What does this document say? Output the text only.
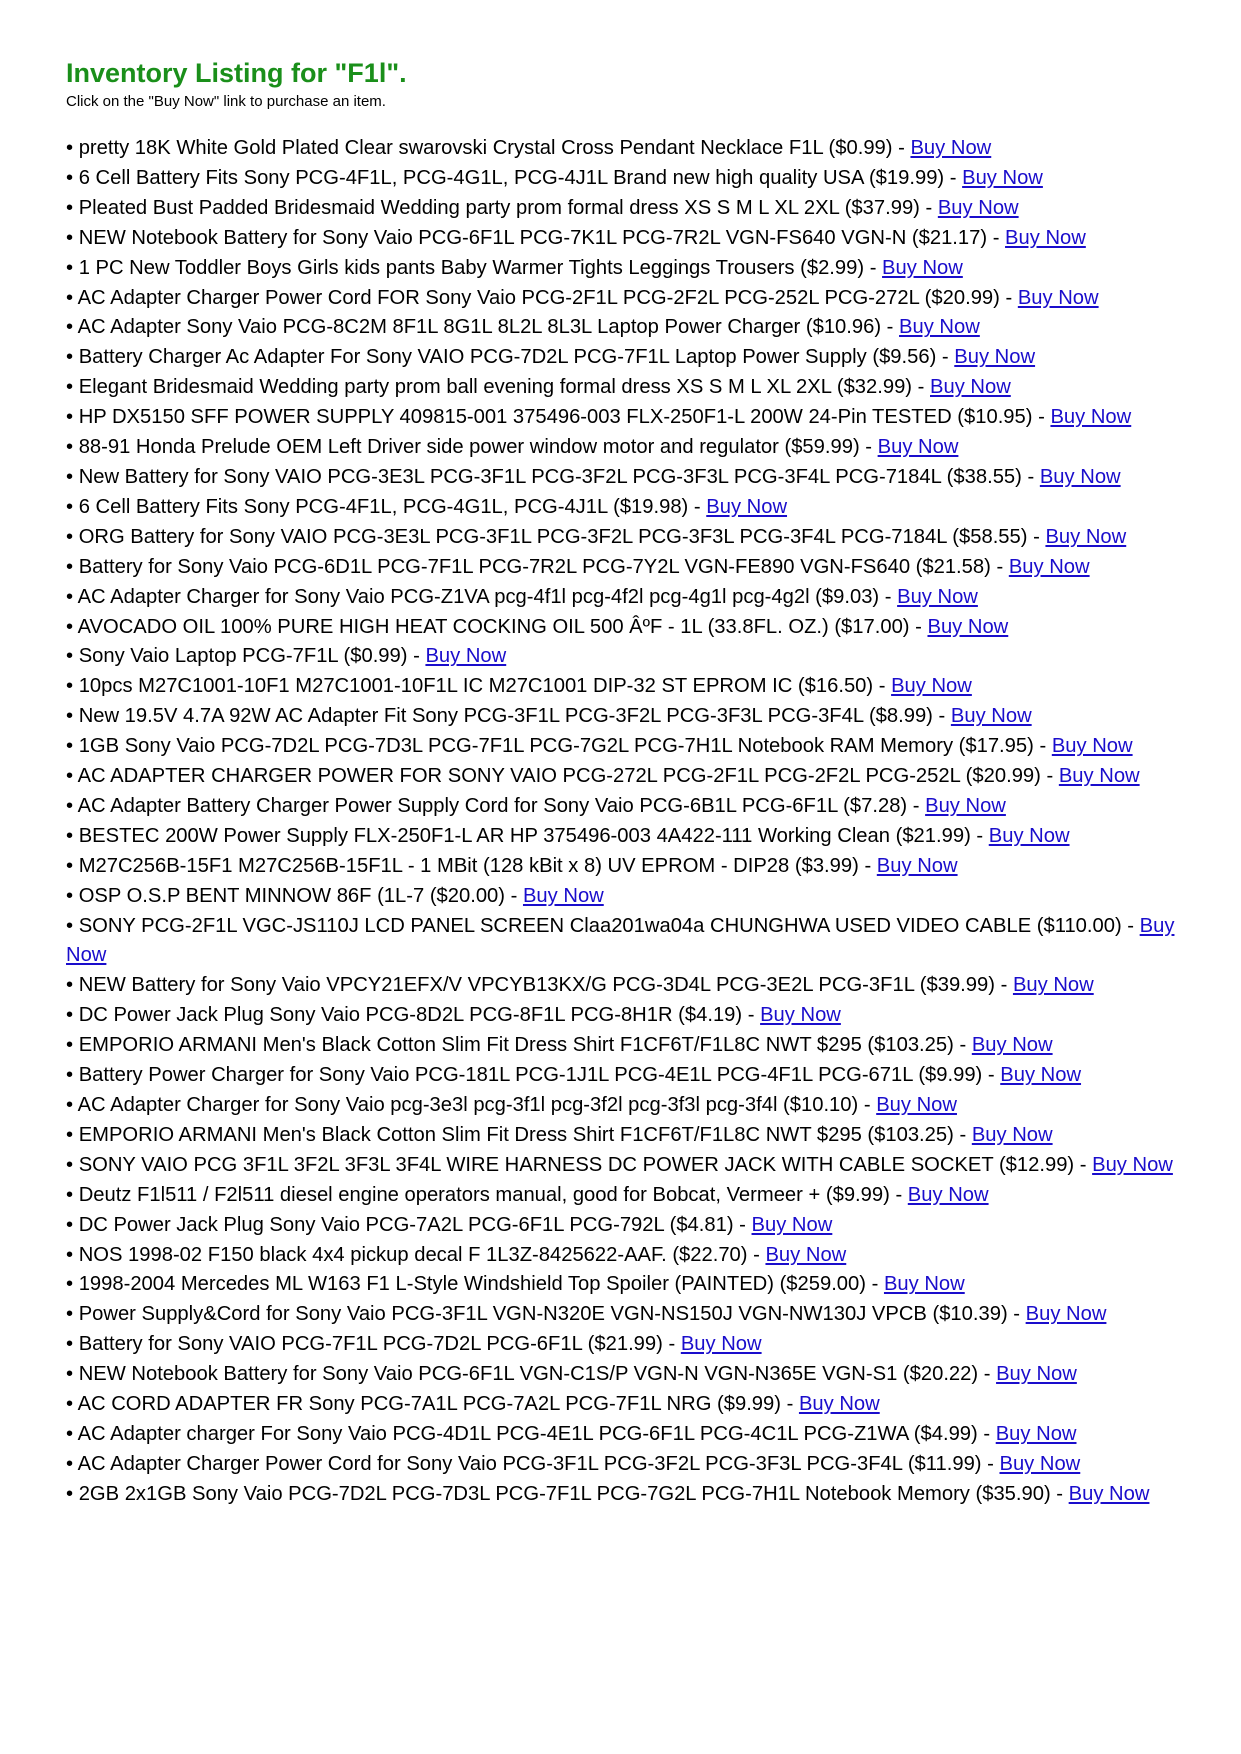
Inventory Listing for "F1l".

Click on the "Buy Now" link to purchase an item.

• pretty 18K White Gold Plated Clear swarovski Crystal Cross Pendant Necklace F1L ($0.99) - Buy Now
• 6 Cell Battery Fits Sony PCG-4F1L, PCG-4G1L, PCG-4J1L Brand new high quality USA ($19.99) - Buy Now
• Pleated Bust Padded Bridesmaid Wedding party prom formal dress XS S M L XL 2XL ($37.99) - Buy Now
• NEW Notebook Battery for Sony Vaio PCG-6F1L PCG-7K1L PCG-7R2L VGN-FS640 VGN-N ($21.17) - Buy Now
• 1 PC New Toddler Boys Girls kids pants Baby Warmer Tights Leggings Trousers ($2.99) - Buy Now
• AC Adapter Charger Power Cord FOR Sony Vaio PCG-2F1L PCG-2F2L PCG-252L PCG-272L ($20.99) - Buy Now
• AC Adapter Sony Vaio PCG-8C2M 8F1L 8G1L 8L2L 8L3L Laptop Power Charger ($10.96) - Buy Now
• Battery Charger Ac Adapter For Sony VAIO PCG-7D2L PCG-7F1L Laptop Power Supply ($9.56) - Buy Now
• Elegant Bridesmaid Wedding party prom ball evening formal dress XS S M L XL 2XL ($32.99) - Buy Now
• HP DX5150 SFF POWER SUPPLY 409815-001 375496-003 FLX-250F1-L 200W 24-Pin TESTED ($10.95) - Buy Now
• 88-91 Honda Prelude OEM Left Driver side power window motor and regulator ($59.99) - Buy Now
• New Battery for Sony VAIO PCG-3E3L PCG-3F1L PCG-3F2L PCG-3F3L PCG-3F4L PCG-7184L ($38.55) - Buy Now
• 6 Cell Battery Fits Sony PCG-4F1L, PCG-4G1L, PCG-4J1L ($19.98) - Buy Now
• ORG Battery for Sony VAIO PCG-3E3L PCG-3F1L PCG-3F2L PCG-3F3L PCG-3F4L PCG-7184L ($58.55) - Buy Now
• Battery for Sony Vaio PCG-6D1L PCG-7F1L PCG-7R2L PCG-7Y2L VGN-FE890 VGN-FS640 ($21.58) - Buy Now
• AC Adapter Charger for Sony Vaio PCG-Z1VA pcg-4f1l pcg-4f2l pcg-4g1l pcg-4g2l ($9.03) - Buy Now
• AVOCADO OIL 100% PURE HIGH HEAT COCKING OIL 500 ÂºF - 1L (33.8FL. OZ.) ($17.00) - Buy Now
• Sony Vaio Laptop PCG-7F1L ($0.99) - Buy Now
• 10pcs M27C1001-10F1 M27C1001-10F1L IC M27C1001 DIP-32 ST EPROM IC ($16.50) - Buy Now
• New 19.5V 4.7A 92W AC Adapter Fit Sony PCG-3F1L PCG-3F2L PCG-3F3L PCG-3F4L ($8.99) - Buy Now
• 1GB Sony Vaio PCG-7D2L PCG-7D3L PCG-7F1L PCG-7G2L PCG-7H1L Notebook RAM Memory ($17.95) - Buy Now
• AC ADAPTER CHARGER POWER FOR SONY VAIO PCG-272L PCG-2F1L PCG-2F2L PCG-252L ($20.99) - Buy Now
• AC Adapter Battery Charger Power Supply Cord for Sony Vaio PCG-6B1L PCG-6F1L ($7.28) - Buy Now
• BESTEC 200W Power Supply FLX-250F1-L AR HP 375496-003 4A422-111 Working Clean ($21.99) - Buy Now
• M27C256B-15F1 M27C256B-15F1L - 1 MBit (128 kBit x 8) UV EPROM - DIP28 ($3.99) - Buy Now
• OSP O.S.P BENT MINNOW 86F (1L-7 ($20.00) - Buy Now
• SONY PCG-2F1L VGC-JS110J LCD PANEL SCREEN Claa201wa04a CHUNGHWA USED VIDEO CABLE ($110.00) - Buy Now
• NEW Battery for Sony Vaio VPCY21EFX/V VPCYB13KX/G PCG-3D4L PCG-3E2L PCG-3F1L ($39.99) - Buy Now
• DC Power Jack Plug Sony Vaio PCG-8D2L PCG-8F1L PCG-8H1R ($4.19) - Buy Now
• EMPORIO ARMANI Men's Black Cotton Slim Fit Dress Shirt F1CF6T/F1L8C NWT $295 ($103.25) - Buy Now
• Battery Power Charger for Sony Vaio PCG-181L PCG-1J1L PCG-4E1L PCG-4F1L PCG-671L ($9.99) - Buy Now
• AC Adapter Charger for Sony Vaio pcg-3e3l pcg-3f1l pcg-3f2l pcg-3f3l pcg-3f4l ($10.10) - Buy Now
• EMPORIO ARMANI Men's Black Cotton Slim Fit Dress Shirt F1CF6T/F1L8C NWT $295 ($103.25) - Buy Now
• SONY VAIO PCG 3F1L 3F2L 3F3L 3F4L WIRE HARNESS DC POWER JACK WITH CABLE SOCKET ($12.99) - Buy Now
• Deutz F1l511 / F2l511 diesel engine operators manual, good for Bobcat, Vermeer + ($9.99) - Buy Now
• DC Power Jack Plug Sony Vaio PCG-7A2L PCG-6F1L PCG-792L ($4.81) - Buy Now
• NOS 1998-02 F150 black 4x4 pickup decal F 1L3Z-8425622-AAF. ($22.70) - Buy Now
• 1998-2004 Mercedes ML W163 F1 L-Style Windshield Top Spoiler (PAINTED) ($259.00) - Buy Now
• Power Supply&Cord for Sony Vaio PCG-3F1L VGN-N320E VGN-NS150J VGN-NW130J VPCB ($10.39) - Buy Now
• Battery for Sony VAIO PCG-7F1L PCG-7D2L PCG-6F1L ($21.99) - Buy Now
• NEW Notebook Battery for Sony Vaio PCG-6F1L VGN-C1S/P VGN-N VGN-N365E VGN-S1 ($20.22) - Buy Now
• AC CORD ADAPTER FR Sony PCG-7A1L PCG-7A2L PCG-7F1L NRG ($9.99) - Buy Now
• AC Adapter charger For Sony Vaio PCG-4D1L PCG-4E1L PCG-6F1L PCG-4C1L PCG-Z1WA ($4.99) - Buy Now
• AC Adapter Charger Power Cord for Sony Vaio PCG-3F1L PCG-3F2L PCG-3F3L PCG-3F4L ($11.99) - Buy Now
• 2GB 2x1GB Sony Vaio PCG-7D2L PCG-7D3L PCG-7F1L PCG-7G2L PCG-7H1L Notebook Memory ($35.90) - Buy Now
